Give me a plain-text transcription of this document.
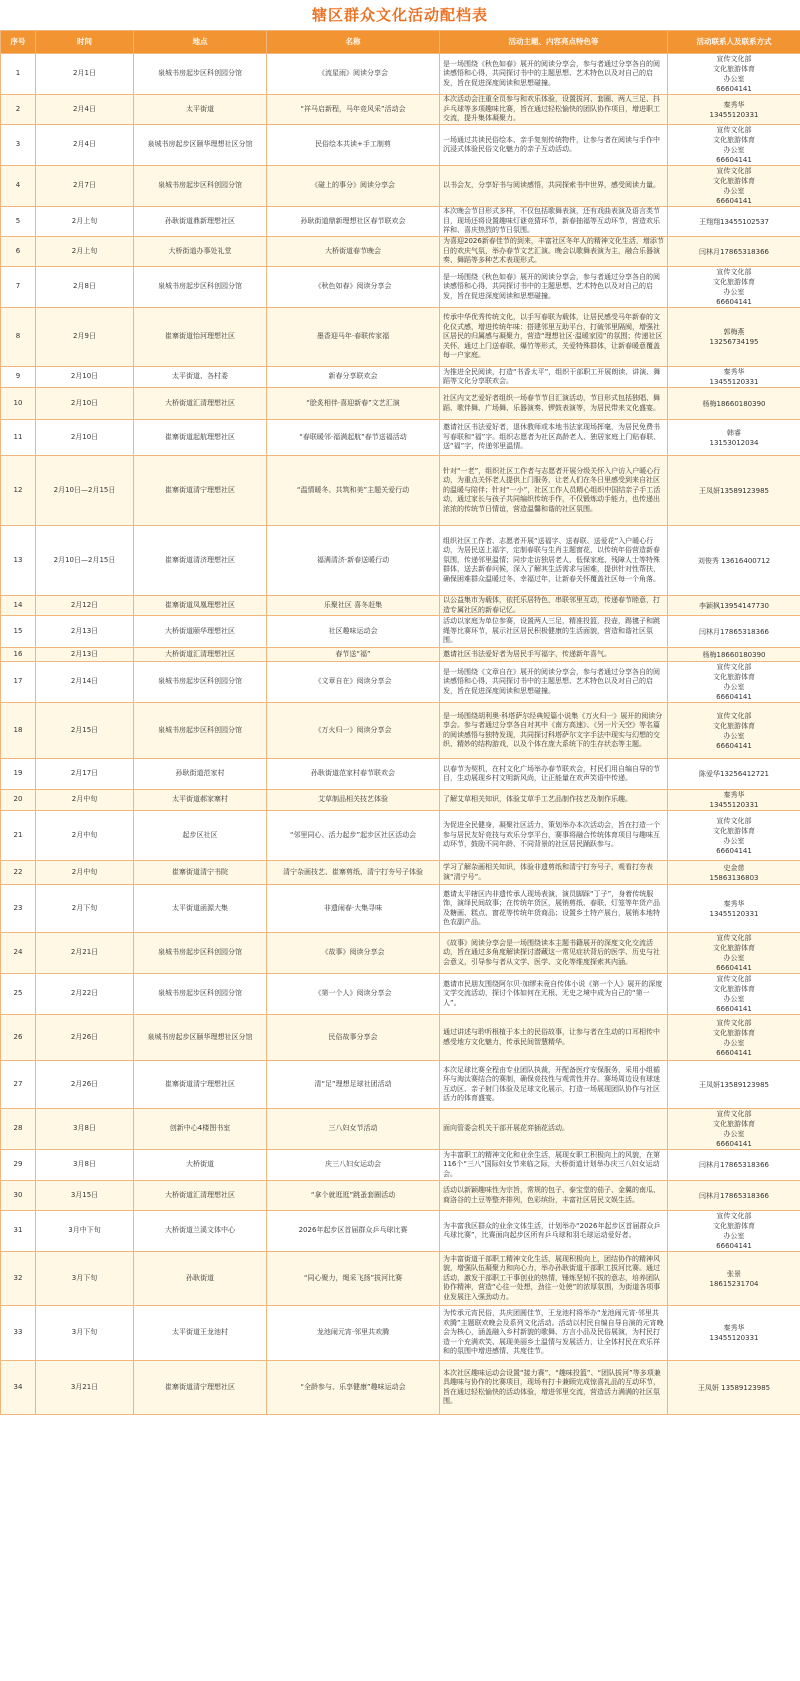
辖区群众文化活动配档表
序号	时间	地点	名称	活动主题、内容亮点特色等	活动联系人及联系方式
1	2月1日	泉城书房起步区科创园分馆	《流星雨》阅读分享会	是一场围绕《秋色如春》展开的阅读分享会，参与者通过分享各自的阅读感悟和心得，共同探讨书中的主题思想、艺术特色以及对自己的启发，旨在促进深度阅读和思想碰撞。	宣传文化部
文化旅游体育
办公室
66604141
2	2月4日	太平街道	“祥马启新程，马年竞风采”活动会	本次活动会注重全员参与和欢乐体验，设置拔河、套圈、两人三足、抖乒乓球等多项趣味比赛，旨在通过轻松愉快的团队协作项目，增进职工交流，提升集体凝聚力。	秦秀华
13455120331
3	2月4日	泉城书房起步区颐华理想社区分馆	民俗绘本共读+手工制剪	一场通过共读民俗绘本、亲手复刻传统物件，让参与者在阅读与手作中沉浸式体验民俗文化魅力的亲子互动活动。	宣传文化部
文化旅游体育
办公室
66604141
4	2月7日	泉城书房起步区科创园分馆	《碰上的事分》阅读分享会	以书会友，分享好书与阅读感悟，共同探索书中世界，感受阅读力量。	宣传文化部
文化旅游体育
办公室
66604141
5	2月上旬	孙耿街道鼎新理想社区	孙耿街道鼎新理想社区春节联欢会	本次晚会节目形式多样，不仅包括歌舞表演，还有戏曲表演及语言类节目，现场还将设置趣味灯谜竞猜环节，新春抽福等互动环节，营造欢乐祥和、喜庆热烈的节日氛围。	王翔翔13455102537
6	2月上旬	大桥街道办事处礼堂	大桥街道春节晚会	为喜迎2026新春佳节的到来，丰富社区冬年人的精神文化生活，增添节日的欢庆气氛，举办春节文艺汇演。晚会以歌舞表演为主，融合乐器演奏、舞蹈等多种艺术表现形式。	闫林月17865318366
7	2月8日	泉城书房起步区科创园分馆	《秋色如春》阅读分享会	是一场围绕《秋色如春》展开的阅读分享会，参与者通过分享各自的阅读感悟和心得，共同探讨书中的主题思想、艺术特色以及对自己的启发，旨在促进深度阅读和思想碰撞。	宣传文化部
文化旅游体育
办公室
66604141
8	2月9日	崔寨街道怡河理想社区	墨香迎马年·春联传家福	传承中华优秀传统文化，以手写春联为载体，让居民感受马年新春的文化仪式感，增进传统年味：搭建邻里互助平台，打破邻里隔阂，增强社区居民的归属感与凝聚力，营造“理想社区·温暖家园”的氛围；传递社区关怀，通过上门送春联、爆竹等形式，关爱特殊群体，让新春暖意覆盖每一户家庭。	郭梅燕
13256734195
9	2月10日	太平街道、各村委	新春分享联欢会	为推进全民阅读，打造“书香太平”，组织干部职工开展朗读、讲演、舞蹈等文化分享联欢会。	秦秀华
13455120331
10	2月10日	大桥街道汇清理想社区	“脍炙相伴·喜迎新春”文艺汇演	社区内文艺爱好者组织一场春节节目汇演活动，节目形式包括独唱、舞蹈、歌伴舞、广场舞、乐器演奏、锣鼓表演等，为居民带来文化盛宴。	杨梅18660180390
11	2月10日	崔寨街道起航理想社区	“春联暖邻·福满起航”春节送福活动	邀请社区书法爱好者，退休教师或本地书法家现场挥毫，为居民免费书写春联和“福”字。组织志愿者为社区高龄老人、独居家庭上门贴春联、送“福”字，传递邻里温情。	韩睿
13153012034
12	2月10日—2月15日	崔寨街道清宁理想社区	“温情暖冬、共筑和美”主题关爱行动	针对“一老”，组织社区工作者与志愿者开展分级关怀入户访入户暖心行动，为重点关怀老人提供上门服务，让老人们在冬日里感受到来自社区的温暖与陪伴；针对“一小”，社区工作人员精心组织中国结亲子手工活动，通过家长与孩子共同编织传统手作，不仅锻炼动手能力，也传递出浓浓的传统节日情谊，营造温馨和谐的社区氛围。	王凤妍13589123985
13	2月10日—2月15日	崔寨街道清济理想社区	福满清济·新春送暖行动	组织社区工作者、志愿者开展“送福字、送春联、送爱花”入户暖心行动，为居民送上福字，定制春联与生肖主题窗花，以传统年俗营造新春氛围，传递邻里温情；同步走访独居老人、低保家庭、残障人士等特殊群体，送去新春问候，深入了解其生活需求与困难，提供针对性帮扶，确保困难群众温暖过冬、幸福过年，让新春关怀覆盖社区每一个角落。	刘俊秀 13616400712
14	2月12日	崔寨街道凤凰理想社区	乐聚社区 喜冬赶集	以公益集市为载体，依托乐居特色，串联邻里互动，传递春节睦意，打造专属社区的新春记忆。	李颖枫13954147730
15	2月13日	大桥街道颐华理想社区	社区趣味运动会	活动以家庭为单位参赛，设置两人三足，精准投篮，投壶，踢毽子和跳绳等比赛环节，展示社区居民积极健康的生活面貌，营造和谐社区氛围。	闫林月17865318366
16	2月13日	大桥街道汇清理想社区	春节送“福”	邀请社区书法爱好者为居民手写福字，传递新年喜气。	杨梅18660180390
17	2月14日	泉城书房起步区科创园分馆	《文章自在》阅读分享会	是一场围绕《文章自在》展开的阅读分享会，参与者通过分享各自的阅读感悟和心得，共同探讨书中的主题思想、艺术特色以及对自己的启发，旨在促进深度阅读和思想碰撞。	宣传文化部
文化旅游体育
办公室
66604141
18	2月15日	泉城书房起步区科创园分馆	《万火归一》阅读分享会	是一场围绕胡利奥·科塔萨尔经典短篇小说集《万火归一》展开的阅读分享会。参与者通过分享各自对其中《南方高速》、《另一片天空》等名篇的阅读感悟与独特发现，共同探讨科塔萨尔文字手法中现实与幻想的交织、精妙的结构游戏，以及个体在庞大系统下的生存状态等主题。	宣传文化部
文化旅游体育
办公室
66604141
19	2月17日	孙耿街道范家村	孙耿街道范家村春节联欢会	以春节为契机，在村文化广场举办春节联欢会，村民们用自编自导的节目，生动展现乡村文明新风尚，让正能量在欢声笑语中传递。	陈爱华13256412721
20	2月中旬	太平街道郝家寨村	艾草制品相关技艺体验	了解艾草相关知识，体验艾草手工艺品制作技艺及制作乐趣。	秦秀华
13455120331
21	2月中旬	起步区社区	“邻里同心、活力起步”起步区社区活动会	为促进全民健身，凝聚社区活力，策划举办本次活动会，旨在打造一个参与居民友好竞技与欢乐分享平台，赛事将融合传统体育项目与趣味互动环节，鼓励不同年龄、不同背景的社区居民踊跃参与。	宣传文化部
文化旅游体育
办公室
66604141
22	2月中旬	崔寨街道清宁书院	清宁杂画技艺、崔寨剪纸、清宁打夯号子体验	学习了解杂画相关知识，体验非遗剪纸和清宁打夯号子，观看打夯表演“清宁号”。	史金慈
15863136803
23	2月下旬	太平街道函源大集	非遗闹春·大集寻味	邀请太平辖区内非遗传承人现场表演，演员脚踩“丁子”，身着传统服饰，演绎民间故事；在传统年货区，展销剪纸、春联、灯笼等年货产品及糖画、糕点、窗花等传统年货商品；设置乡土特产展台，展销本地特色农副产品。	秦秀华
13455120331
24	2月21日	泉城书房起步区科创园分馆	《故事》阅读分享会	《故事》阅读分享会是一场围绕读本主题书籍展开的深度文化交流活动，旨在通过多角度解读探讨潜藏这一常见症状背后的医学、历史与社会意义，引导参与者从文学、医学、文化等维度探索其内涵。	宣传文化部
文化旅游体育
办公室
66604141
25	2月22日	泉城书房起步区科创园分馆	《第一个人》阅读分享会	邀请市民朋友围绕阿尔贝·加缪未竟自传体小说《第一个人》展开的深度文学交流活动，探讨个体如何在无根、无史之境中成为自己的“第一人”。	宣传文化部
文化旅游体育
办公室
66604141
26	2月26日	泉城书房起步区颐华理想社区分馆	民俗故事分享会	通过讲述与聆听根植于本土的民俗故事，让参与者在生动的口耳相传中感受地方文化魅力，传承民间智慧精华。	宣传文化部
文化旅游体育
办公室
66604141
27	2月26日	崔寨街道清宁理想社区	清“足”理想足球社团活动	本次足球比赛全程由专业团队执裁，开配备医疗安保服务，采用小组循环与淘汰赛结合的赛制，确保竞技性与观赏性并存。赛场周边设有球迷互动区、亲子射门体验及足球文化展示，打造一场展现团队协作与社区活力的体育盛宴。	王凤妍13589123985
28	3月8日	创新中心4楼图书室	三八妇女节活动	面向管委会机关干部开展花弈插花活动。	宣传文化部
文化旅游体育
办公室
66604141
29	3月8日	大桥街道	庆三八妇女运动会	为丰富职工的精神文化和业余生活，展现女职工积极向上的风貌，在第116个“三八”国际妇女节来临之际，大桥街道计划举办庆三八妇女运动会。	闫林月17865318366
30	3月15日	大桥街道汇清理想社区	“拿个就逛逛”跳蚤套圈活动	活动以新颖趣味性为宗旨，常规的包子、泰宝堂的茄子、金翼的南瓜、商洛谷的土豆等整齐排列，色彩缤纷，丰富社区居民文娱生活。	闫林月17865318366
31	3月中下旬	大桥街道兰溪文体中心	2026年起步区首届群众乒乓球比赛	为丰富我区群众的业余文体生活，计划举办“2026年起步区首届群众乒乓球比赛”，比赛面向起步区所有乒乓球和羽毛球运动爱好者。	宣传文化部
文化旅游体育
办公室
66604141
32	3月下旬	孙耿街道	“同心聚力，绳采飞扬”拔河比赛	为丰富街道干部职工精神文化生活，展现积极向上，团结协作的精神风貌，增强队伍凝聚力和向心力，举办孙耿街道干部职工拔河比赛。通过活动，激发干部职工干事创业的热情，锤炼坚韧不拔的意志，培养团队协作精神，营造“心往一处想，劲往一处使”的浓厚氛围，为街道各项事业发展注入强劲动力。	张景
18615231704
33	3月下旬	太平街道王龙池村	龙池闹元宵·邻里共欢腾	为传承元宵民俗，共庆团圆佳节，王龙池村将举办“龙池闹元宵·邻里共欢腾”主题联欢晚会及系列文化活动。活动以村民自编自导自演的元宵晚会为核心，涵盖融入乡村新貌的歌舞、方言小品及民俗展演，为村民打造一个充满欢笑、展现美丽乡土温情与发展活力，让全体村民在欢乐祥和的氛围中增进感情、共度佳节。	秦秀华
13455120331
34	3月21日	崔寨街道清宁理想社区	“全龄参与、乐享健康”趣味运动会	本次社区趣味运动会设置“接力赛”、“趣味投篮”、“团队拔河”等多项兼具趣味与协作的比赛项目，现场有打卡兼顾完成惊喜礼品的互动环节，旨在通过轻松愉快的活动体验，增进邻里交流，营造活力满满的社区氛围。	王凤妍 13589123985
